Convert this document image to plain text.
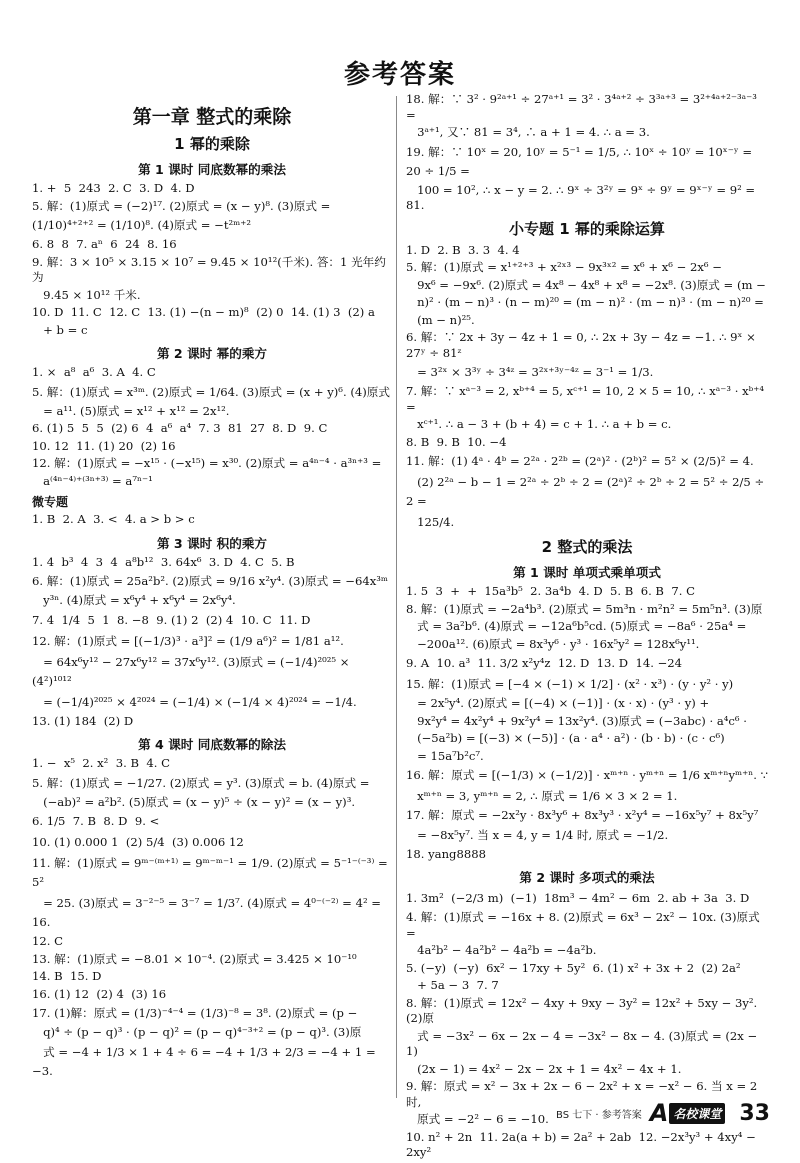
参考答案
第一章 整式的乘除
1 幂的乘除
第 1 课时 同底数幂的乘法
1. +  5  243  2. C  3. D  4. D
5. 解：(1)原式 = (−2)¹⁷. (2)原式 = (x − y)⁸. (3)原式 =
(1/10)⁴⁺²⁺² = (1/10)⁸. (4)原式 = −t²ᵐ⁺²
6. 8  8  7. aⁿ  6  24  8. 16
9. 解：3 × 10⁵ × 3.15 × 10⁷ = 9.45 × 10¹²(千米). 答：1 光年约为
9.45 × 10¹² 千米.
10. D  11. C  12. C  13. (1) −(n − m)⁸  (2) 0  14. (1) 3  (2) a
+ b = c
第 2 课时 幂的乘方
1. ×  a⁸  a⁶  3. A  4. C
5. 解：(1)原式 = x³ᵐ. (2)原式 = 1/64. (3)原式 = (x + y)⁶. (4)原式
= a¹¹. (5)原式 = x¹² + x¹² = 2x¹².
6. (1) 5  5  5  (2) 6  4  a⁶  a⁴  7. 3  81  27  8. D  9. C
10. 12  11. (1) 20  (2) 16
12. 解：(1)原式 = −x¹⁵ · (−x¹⁵) = x³⁰. (2)原式 = a⁴ⁿ⁻⁴ · a³ⁿ⁺³ =
a⁽⁴ⁿ⁻⁴⁾⁺⁽³ⁿ⁺³⁾ = a⁷ⁿ⁻¹
微专题
1. B  2. A  3. <  4. a > b > c
第 3 课时 积的乘方
1. 4  b³  4  3  4  a⁸b¹²  3. 64x⁶  3. D  4. C  5. B
6. 解：(1)原式 = 25a²b². (2)原式 = 9/16 x²y⁴. (3)原式 = −64x³ᵐ
y³ⁿ. (4)原式 = x⁶y⁴ + x⁶y⁴ = 2x⁶y⁴.
7. 4  1/4  5  1  8. −8  9. (1) 2  (2) 4  10. C  11. D
12. 解：(1)原式 = [(−1/3)³ · a³]² = (1/9 a⁶)² = 1/81 a¹².
= 64x⁶y¹² − 27x⁶y¹² = 37x⁶y¹². (3)原式 = (−1/4)²⁰²⁵ × (4²)¹⁰¹²
= (−1/4)²⁰²⁵ × 4²⁰²⁴ = (−1/4) × (−1/4 × 4)²⁰²⁴ = −1/4.
13. (1) 184  (2) D
第 4 课时 同底数幂的除法
1. −  x⁵  2. x²  3. B  4. C
5. 解：(1)原式 = −1/27. (2)原式 = y³. (3)原式 = b. (4)原式 =
(−ab)² = a²b². (5)原式 = (x − y)⁵ ÷ (x − y)² = (x − y)³.
6. 1/5  7. B  8. D  9. <
10. (1) 0.000 1  (2) 5/4  (3) 0.006 12
11. 解：(1)原式 = 9ᵐ⁻⁽ᵐ⁺¹⁾ = 9ᵐ⁻ᵐ⁻¹ = 1/9. (2)原式 = 5⁻¹⁻⁽⁻³⁾ = 5²
= 25. (3)原式 = 3⁻²⁻⁵ = 3⁻⁷ = 1/3⁷. (4)原式 = 4⁰⁻⁽⁻²⁾ = 4² = 16.
12. C
13. 解：(1)原式 = −8.01 × 10⁻⁴. (2)原式 = 3.425 × 10⁻¹⁰
14. B  15. D
16. (1) 12  (2) 4  (3) 16
17. (1)解：原式 = (1/3)⁻⁴⁻⁴ = (1/3)⁻⁸ = 3⁸. (2)原式 = (p −
q)⁴ ÷ (p − q)³ · (p − q)² = (p − q)⁴⁻³⁺² = (p − q)³. (3)原
式 = −4 + 1/3 × 1 + 4 ÷ 6 = −4 + 1/3 + 2/3 = −4 + 1 = −3.
18. 解：∵ 3² · 9²ᵃ⁺¹ ÷ 27ᵃ⁺¹ = 3² · 3⁴ᵃ⁺² ÷ 3³ᵃ⁺³ = 3²⁺⁴ᵃ⁺²⁻³ᵃ⁻³ =
3ᵃ⁺¹, 又∵ 81 = 3⁴, ∴ a + 1 = 4. ∴ a = 3.
19. 解：∵ 10ˣ = 20, 10ʸ = 5⁻¹ = 1/5, ∴ 10ˣ ÷ 10ʸ = 10ˣ⁻ʸ = 20 ÷ 1/5 =
100 = 10², ∴ x − y = 2. ∴ 9ˣ ÷ 3²ʸ = 9ˣ ÷ 9ʸ = 9ˣ⁻ʸ = 9² = 81.
小专题 1 幂的乘除运算
1. D  2. B  3. 3  4. 4
5. 解：(1)原式 = x¹⁺²⁺³ + x²ˣ³ − 9x³ˣ² = x⁶ + x⁶ − 2x⁶ −
9x⁶ = −9x⁶. (2)原式 = 4x⁸ − 4x⁸ + x⁸ = −2x⁸. (3)原式 = (m −
n)² · (m − n)³ · (n − m)²⁰ = (m − n)² · (m − n)³ · (m − n)²⁰ =
(m − n)²⁵.
6. 解：∵ 2x + 3y − 4z + 1 = 0, ∴ 2x + 3y − 4z = −1. ∴ 9ˣ × 27ʸ ÷ 81ᶻ
= 3²ˣ × 3³ʸ ÷ 3⁴ᶻ = 3²ˣ⁺³ʸ⁻⁴ᶻ = 3⁻¹ = 1/3.
7. 解：∵ xᵃ⁻³ = 2, xᵇ⁺⁴ = 5, xᶜ⁺¹ = 10, 2 × 5 = 10, ∴ xᵃ⁻³ · xᵇ⁺⁴ =
xᶜ⁺¹. ∴ a − 3 + (b + 4) = c + 1. ∴ a + b = c.
8. B  9. B  10. −4
11. 解：(1) 4ᵃ · 4ᵇ = 2²ᵃ · 2²ᵇ = (2ᵃ)² · (2ᵇ)² = 5² × (2/5)² = 4.
(2) 2²ᵃ − b − 1 = 2²ᵃ ÷ 2ᵇ ÷ 2 = (2ᵃ)² ÷ 2ᵇ ÷ 2 = 5² ÷ 2/5 ÷ 2 =
125/4.
2 整式的乘法
第 1 课时 单项式乘单项式
1. 5  3  +  +  15a³b⁵  2. 3a⁴b  4. D  5. B  6. B  7. C
8. 解：(1)原式 = −2a⁴b³. (2)原式 = 5m³n · m²n² = 5m⁵n³. (3)原
式 = 3a²b⁶. (4)原式 = −12a⁶b⁵cd. (5)原式 = −8a⁶ · 25a⁴ =
−200a¹². (6)原式 = 8x³y⁶ · y³ · 16x⁵y² = 128x⁶y¹¹.
9. A  10. a³  11. 3/2 x²y⁴z  12. D  13. D  14. −24
15. 解：(1)原式 = [−4 × (−1) × 1/2] · (x² · x³) · (y · y² · y)
= 2x⁵y⁴. (2)原式 = [(−4) × (−1)] · (x · x) · (y³ · y) +
9x²y⁴ = 4x²y⁴ + 9x²y⁴ = 13x²y⁴. (3)原式 = (−3abc) · a⁴c⁶ ·
(−5a²b) = [(−3) × (−5)] · (a · a⁴ · a²) · (b · b) · (c · c⁶)
= 15a⁷b²c⁷.
16. 解：原式 = [(−1/3) × (−1/2)] · xᵐ⁺ⁿ · yᵐ⁺ⁿ = 1/6 xᵐ⁺ⁿyᵐ⁺ⁿ. ∵
xᵐ⁺ⁿ = 3, yᵐ⁺ⁿ = 2, ∴ 原式 = 1/6 × 3 × 2 = 1.
17. 解：原式 = −2x²y · 8x³y⁶ + 8x³y³ · x²y⁴ = −16x⁵y⁷ + 8x⁵y⁷
= −8x⁵y⁷. 当 x = 4, y = 1/4 时, 原式 = −1/2.
18. yang8888
第 2 课时 多项式的乘法
1. 3m²  (−2/3 m)  (−1)  18m³ − 4m² − 6m  2. ab + 3a  3. D
4. 解：(1)原式 = −16x + 8. (2)原式 = 6x³ − 2x² − 10x. (3)原式 =
4a²b² − 4a²b² − 4a²b = −4a²b.
5. (−y)  (−y)  6x² − 17xy + 5y²  6. (1) x² + 3x + 2  (2) 2a²
+ 5a − 3  7. 7
8. 解：(1)原式 = 12x² − 4xy + 9xy − 3y² = 12x² + 5xy − 3y². (2)原
式 = −3x² − 6x − 2x − 4 = −3x² − 8x − 4. (3)原式 = (2x − 1)
(2x − 1) = 4x² − 2x − 2x + 1 = 4x² − 4x + 1.
9. 解：原式 = x² − 3x + 2x − 6 − 2x² + x = −x² − 6. 当 x = 2 时,
原式 = −2² − 6 = −10.
10. n² + 2n  11. 2a(a + b) = 2a² + 2ab  12. −2x³y³ + 4xy⁴ − 2xy²
BS 七下 · 参考答案 A 名校课堂 33
